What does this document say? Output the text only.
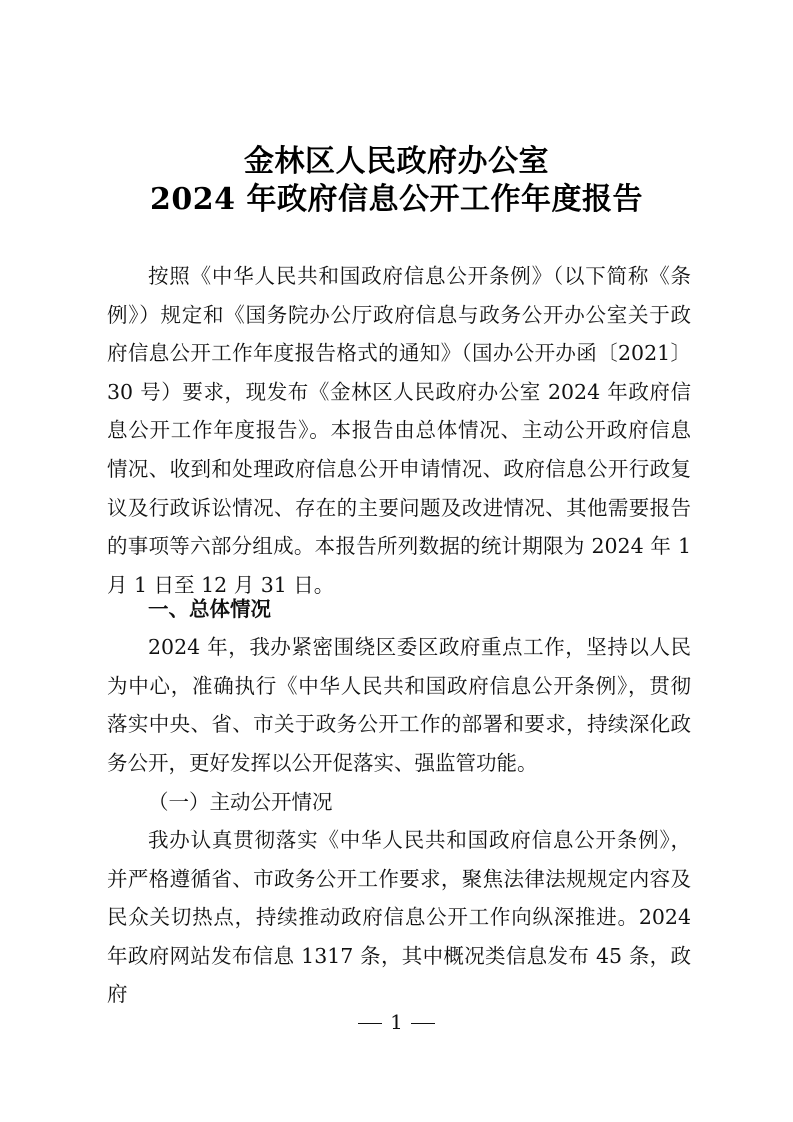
金林区人民政府办公室
2024 年政府信息公开工作年度报告
按照《中华人民共和国政府信息公开条例》（以下简称《条例》）规定和《国务院办公厅政府信息与政务公开办公室关于政府信息公开工作年度报告格式的通知》（国办公开办函〔2021〕30 号）要求，现发布《金林区人民政府办公室 2024 年政府信息公开工作年度报告》。本报告由总体情况、主动公开政府信息情况、收到和处理政府信息公开申请情况、政府信息公开行政复议及行政诉讼情况、存在的主要问题及改进情况、其他需要报告的事项等六部分组成。本报告所列数据的统计期限为 2024 年 1 月 1 日至 12 月 31 日。
一、总体情况
2024 年，我办紧密围绕区委区政府重点工作，坚持以人民为中心，准确执行《中华人民共和国政府信息公开条例》，贯彻落实中央、省、市关于政务公开工作的部署和要求，持续深化政务公开，更好发挥以公开促落实、强监管功能。
（一）主动公开情况
我办认真贯彻落实《中华人民共和国政府信息公开条例》，并严格遵循省、市政务公开工作要求，聚焦法律法规规定内容及民众关切热点，持续推动政府信息公开工作向纵深推进。2024 年政府网站发布信息 1317 条，其中概况类信息发布 45 条，政府
1
